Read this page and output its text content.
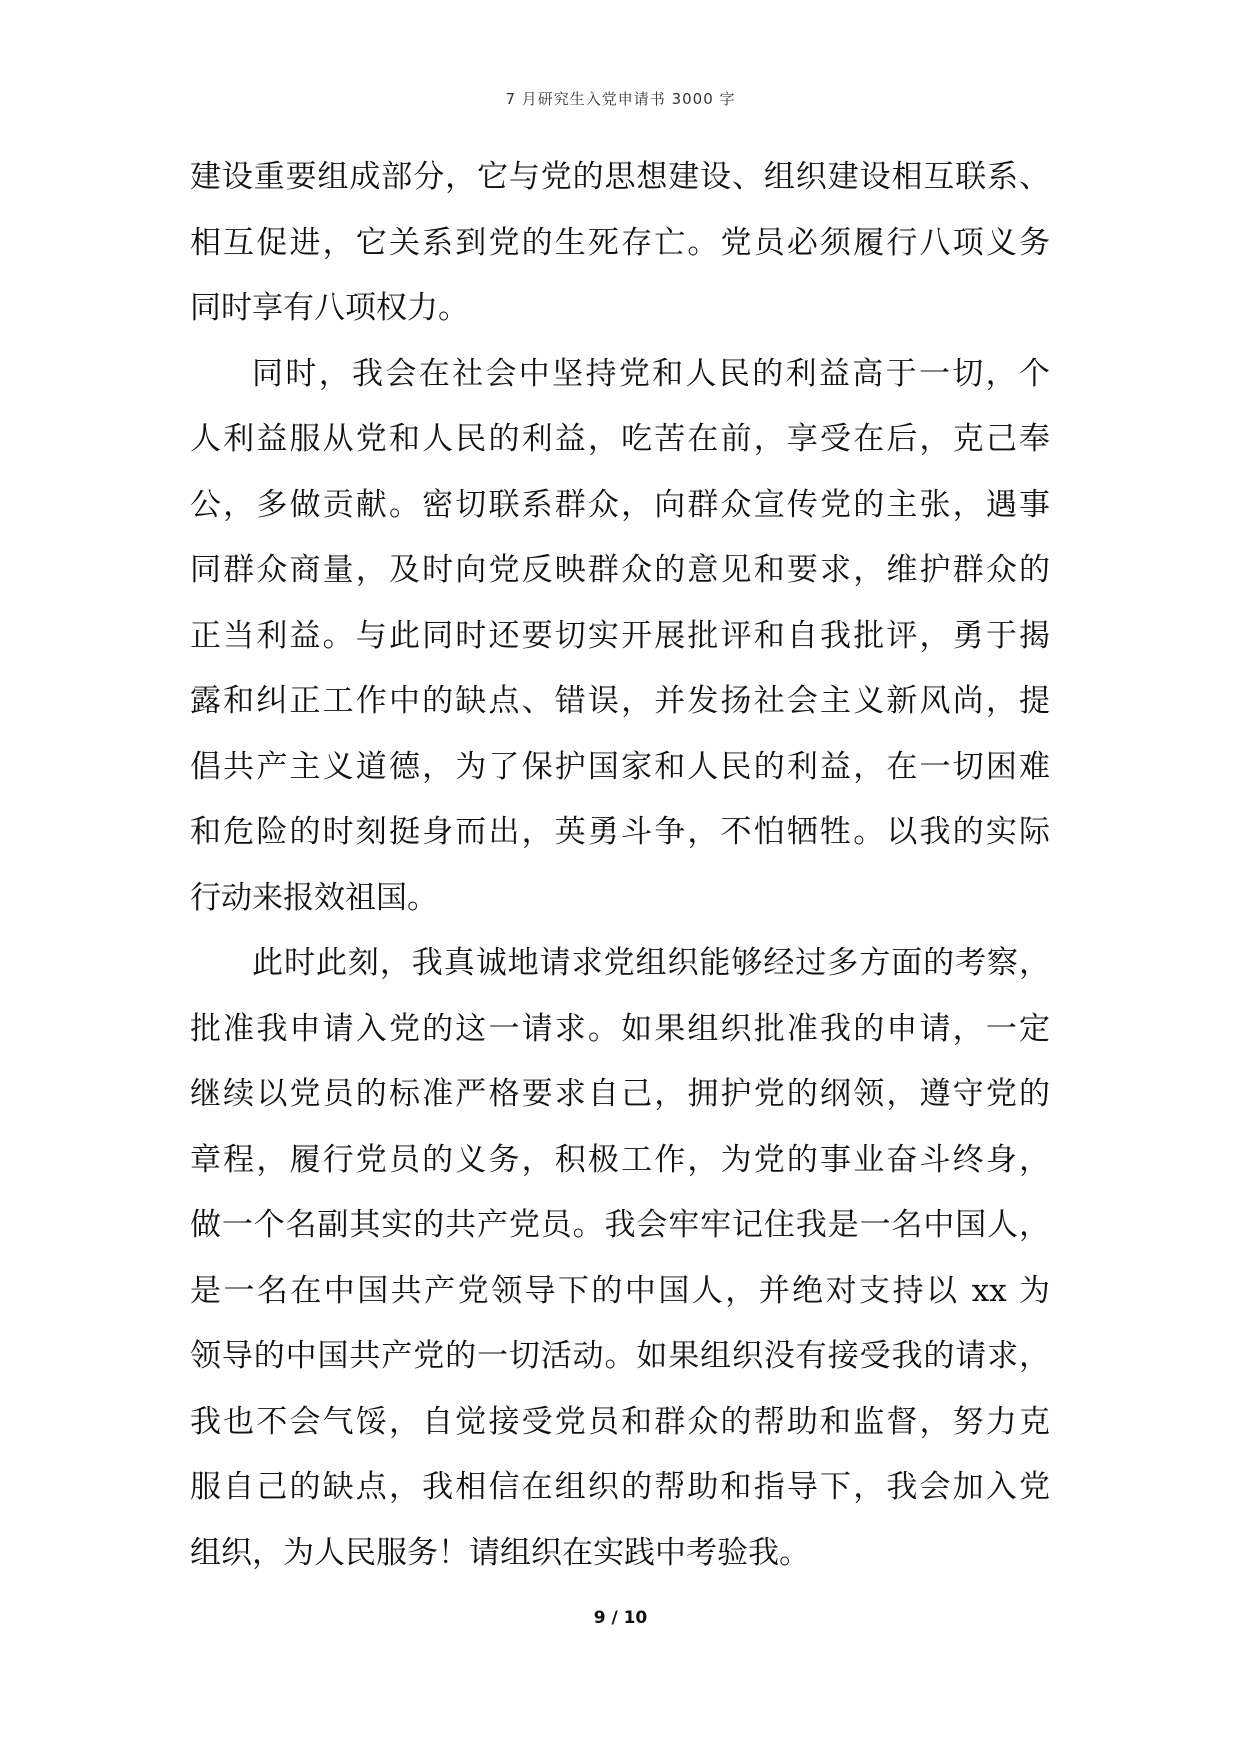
7 月研究生入党申请书 3000 字
建设重要组成部分，它与党的思想建设、组织建设相互联系、
相互促进，它关系到党的生死存亡。党员必须履行八项义务
同时享有八项权力。
同时，我会在社会中坚持党和人民的利益高于一切，个
人利益服从党和人民的利益，吃苦在前，享受在后，克己奉
公，多做贡献。密切联系群众，向群众宣传党的主张，遇事
同群众商量，及时向党反映群众的意见和要求，维护群众的
正当利益。与此同时还要切实开展批评和自我批评，勇于揭
露和纠正工作中的缺点、错误，并发扬社会主义新风尚，提
倡共产主义道德，为了保护国家和人民的利益，在一切困难
和危险的时刻挺身而出，英勇斗争，不怕牺牲。以我的实际
行动来报效祖国。
此时此刻，我真诚地请求党组织能够经过多方面的考察，
批准我申请入党的这一请求。如果组织批准我的申请，一定
继续以党员的标准严格要求自己，拥护党的纲领，遵守党的
章程，履行党员的义务，积极工作，为党的事业奋斗终身，
做一个名副其实的共产党员。我会牢牢记住我是一名中国人，
是一名在中国共产党领导下的中国人，并绝对支持以 xx 为
领导的中国共产党的一切活动。如果组织没有接受我的请求，
我也不会气馁，自觉接受党员和群众的帮助和监督，努力克
服自己的缺点，我相信在组织的帮助和指导下，我会加入党
组织，为人民服务！请组织在实践中考验我。
9 / 10
